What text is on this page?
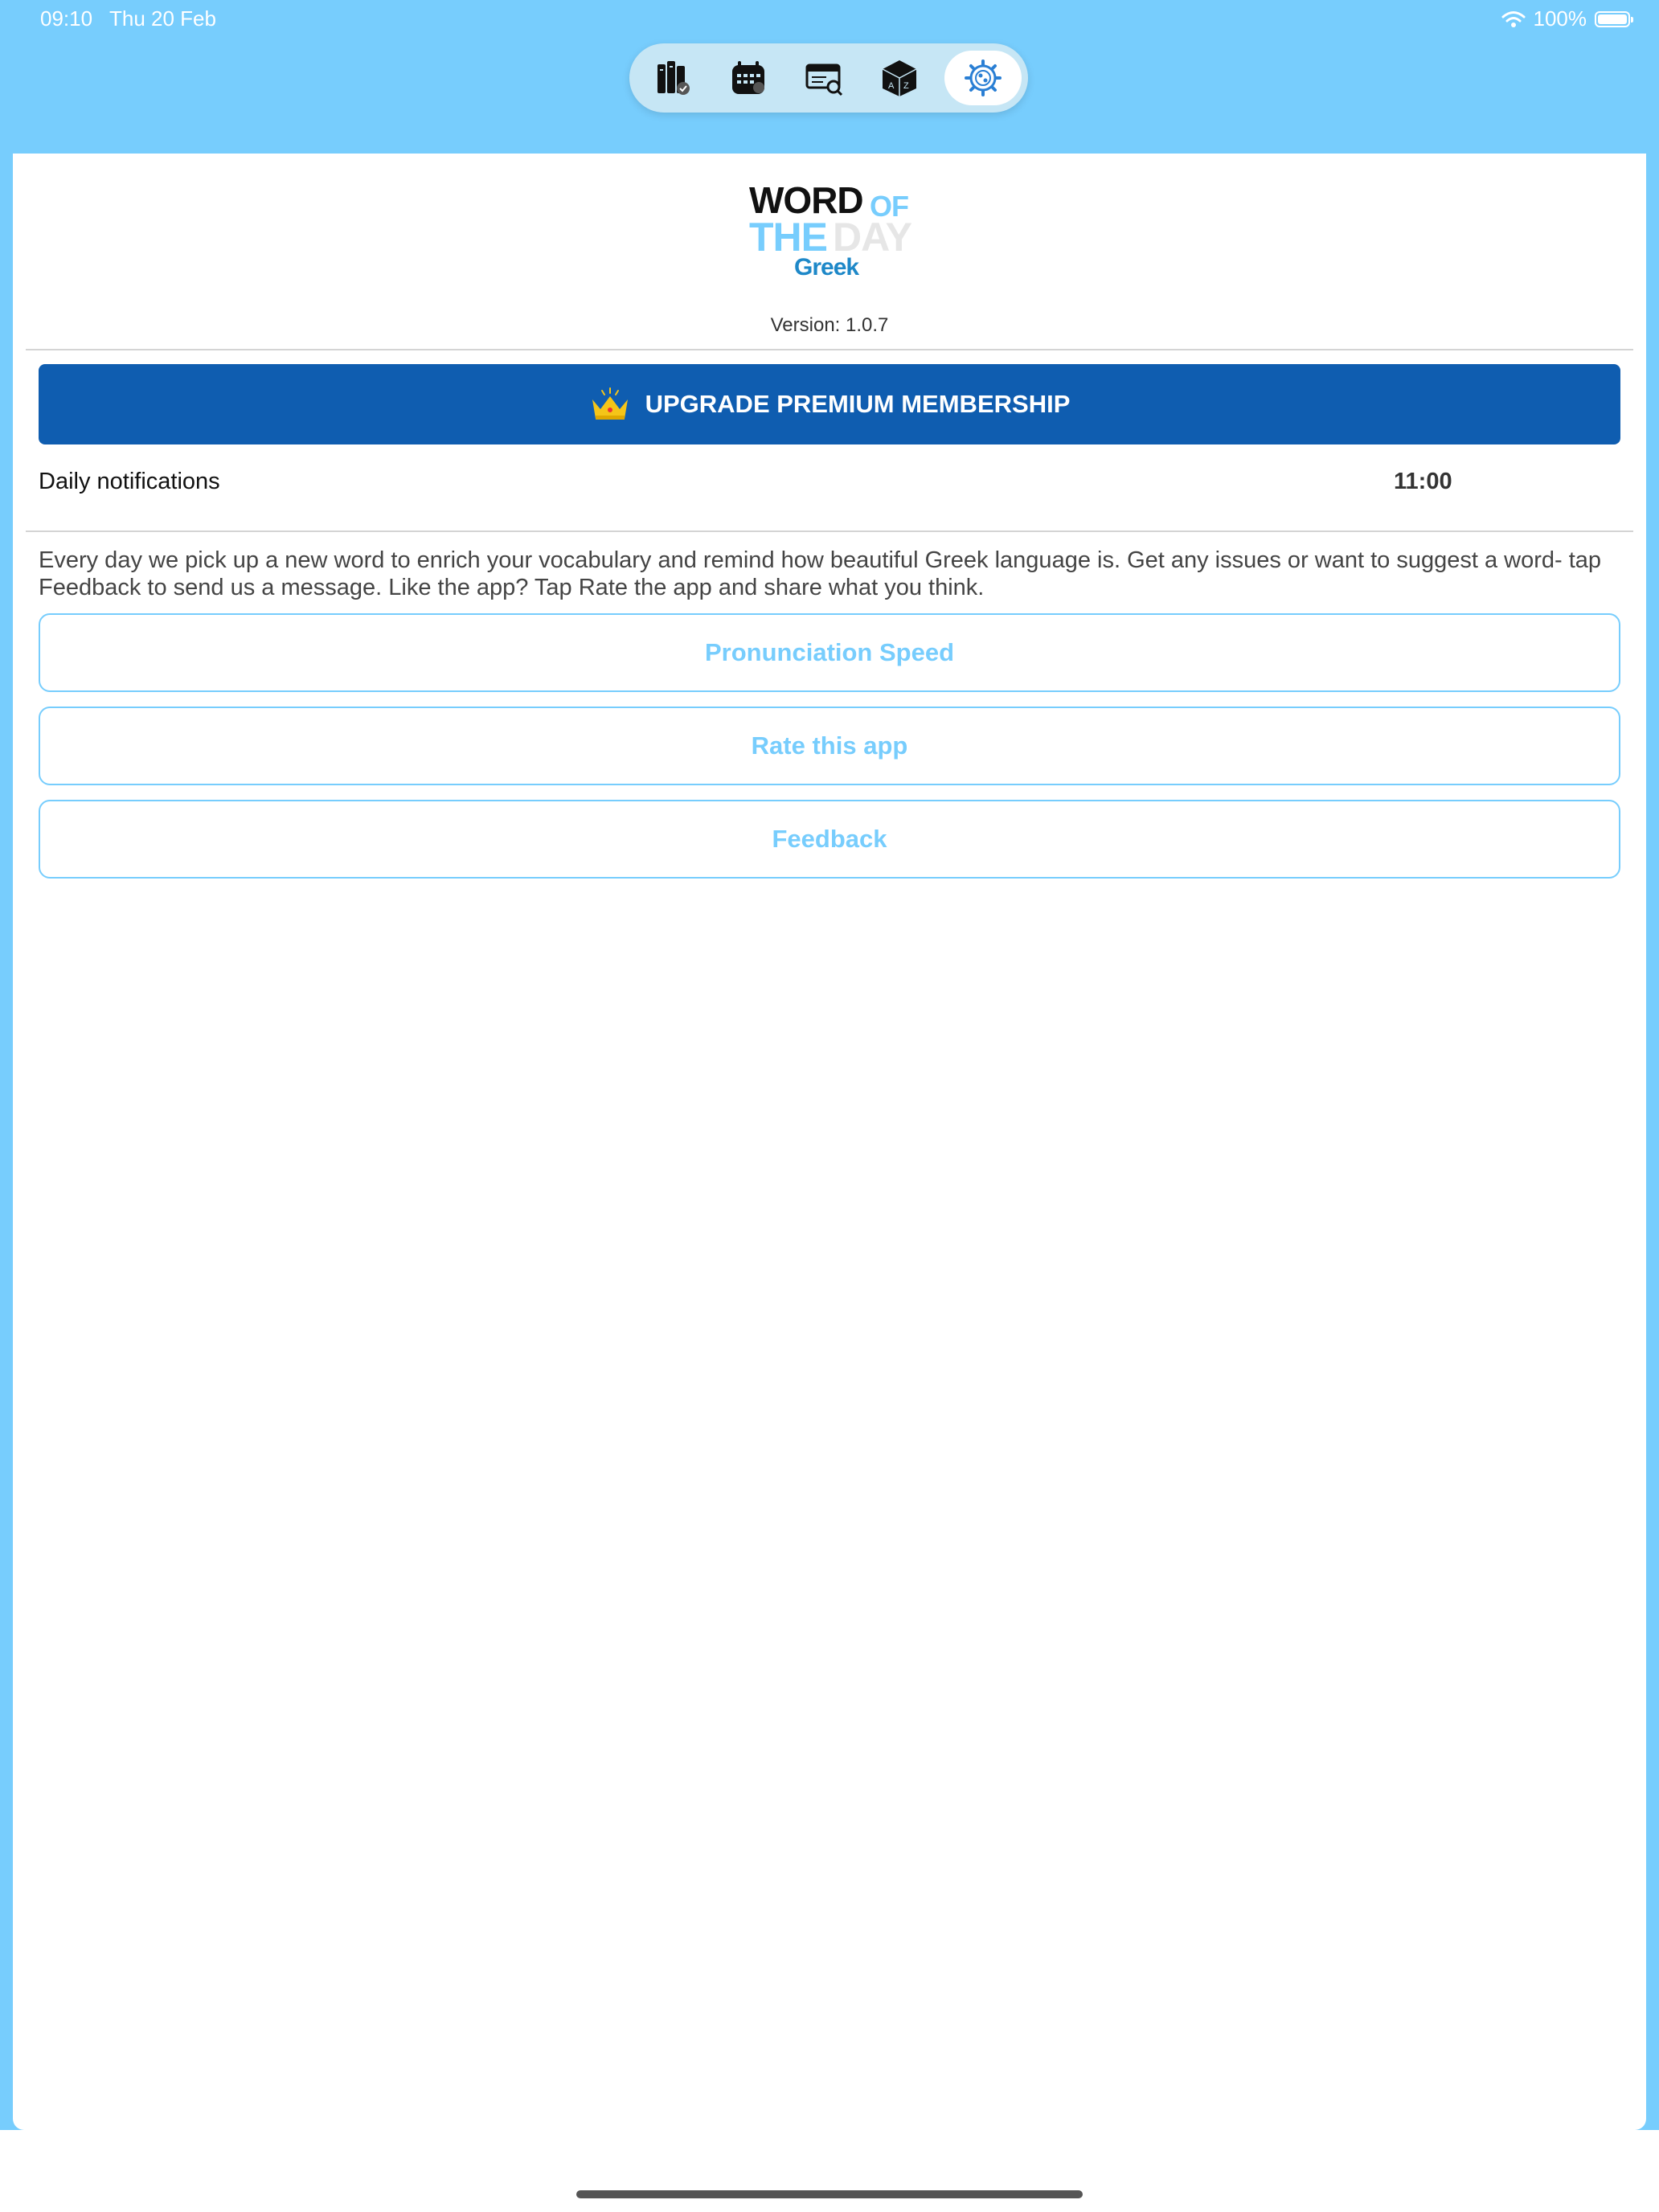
09:10 Thu 20 Feb	100%
A Z
WORD OF
THE DAY
Greek
Version: 1.0.7
UPGRADE PREMIUM MEMBERSHIP
Daily notifications	11:00
Every day we pick up a new word to enrich your vocabulary and remind how beautiful Greek language is. Get any issues or want to suggest a word- tap Feedback to send us a message. Like the app? Tap Rate the app and share what you think.
Pronunciation Speed
Rate this app
Feedback
